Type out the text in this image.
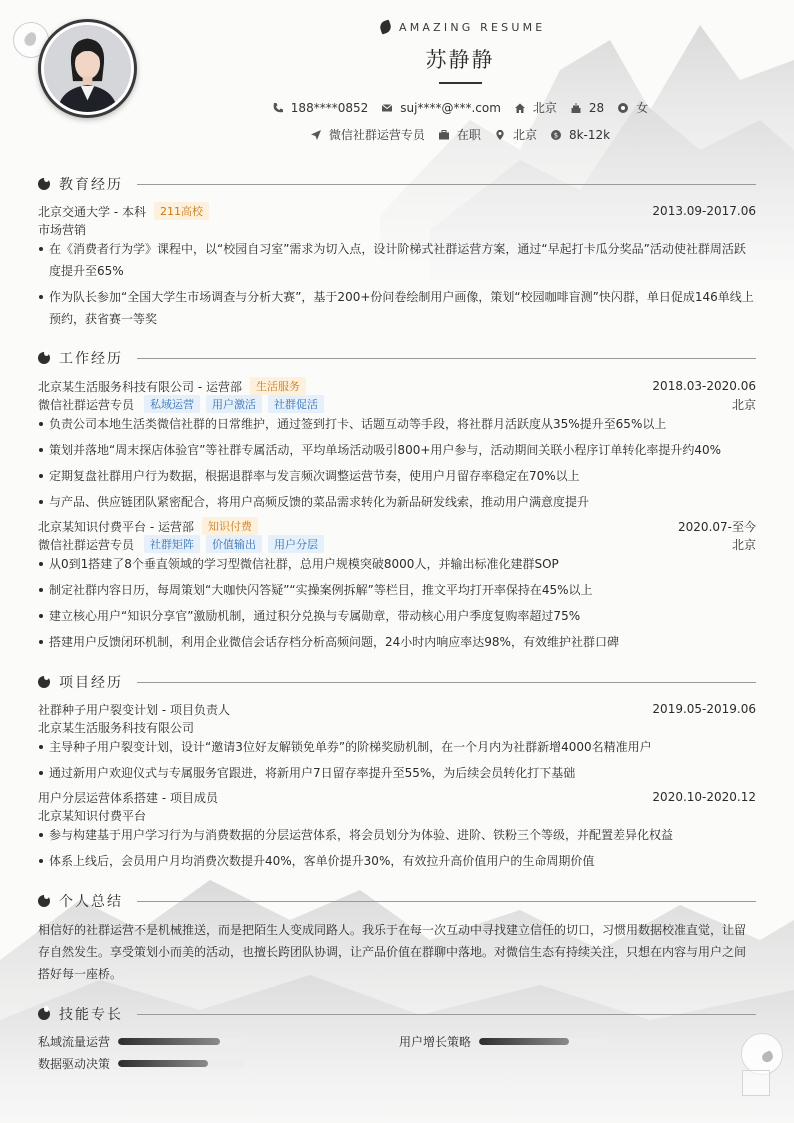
AMAZING RESUME
苏静静
188****0852	suj****@***.com	北京	28	女
微信社群运营专员	在职	北京 $ 8k-12k
教育经历
北京交通大学 - 本科	211高校	2013.09-2017.06
市场营销
在《消费者行为学》课程中，以“校园自习室”需求为切入点，设计阶梯式社群运营方案，通过“早起打卡瓜分奖品”活动使社群周活跃度提升至65%
作为队长参加“全国大学生市场调查与分析大赛”，基于200+份问卷绘制用户画像，策划“校园咖啡盲测”快闪群，单日促成146单线上预约，获省赛一等奖
工作经历
北京某生活服务科技有限公司 - 运营部	生活服务	2018.03-2020.06
微信社群运营专员	私域运营	用户激活	社群促活	北京
负责公司本地生活类微信社群的日常维护，通过签到打卡、话题互动等手段，将社群月活跃度从35%提升至65%以上
策划并落地“周末探店体验官”等社群专属活动，平均单场活动吸引800+用户参与，活动期间关联小程序订单转化率提升约40%
定期复盘社群用户行为数据，根据退群率与发言频次调整运营节奏，使用户月留存率稳定在70%以上
与产品、供应链团队紧密配合，将用户高频反馈的菜品需求转化为新品研发线索，推动用户满意度提升
北京某知识付费平台 - 运营部	知识付费	2020.07-至今
微信社群运营专员	社群矩阵	价值输出	用户分层	北京
从0到1搭建了8个垂直领域的学习型微信社群，总用户规模突破8000人，并输出标准化建群SOP
制定社群内容日历，每周策划“大咖快闪答疑”“实操案例拆解”等栏目，推文平均打开率保持在45%以上
建立核心用户“知识分享官”激励机制，通过积分兑换与专属勋章，带动核心用户季度复购率超过75%
搭建用户反馈闭环机制，利用企业微信会话存档分析高频问题，24小时内响应率达98%，有效维护社群口碑
项目经历
社群种子用户裂变计划 - 项目负责人	2019.05-2019.06
北京某生活服务科技有限公司
主导种子用户裂变计划，设计“邀请3位好友解锁免单券”的阶梯奖励机制，在一个月内为社群新增4000名精准用户
通过新用户欢迎仪式与专属服务官跟进，将新用户7日留存率提升至55%，为后续会员转化打下基础
用户分层运营体系搭建 - 项目成员	2020.10-2020.12
北京某知识付费平台
参与构建基于用户学习行为与消费数据的分层运营体系，将会员划分为体验、进阶、铁粉三个等级，并配置差异化权益
体系上线后，会员用户月均消费次数提升40%，客单价提升30%，有效拉升高价值用户的生命周期价值
个人总结
相信好的社群运营不是机械推送，而是把陌生人变成同路人。我乐于在每一次互动中寻找建立信任的切口，习惯用数据校准直觉，让留存自然发生。享受策划小而美的活动，也擅长跨团队协调，让产品价值在群聊中落地。对微信生态有持续关注，只想在内容与用户之间搭好每一座桥。
技能专长
私域流量运营	用户增长策略
数据驱动决策
